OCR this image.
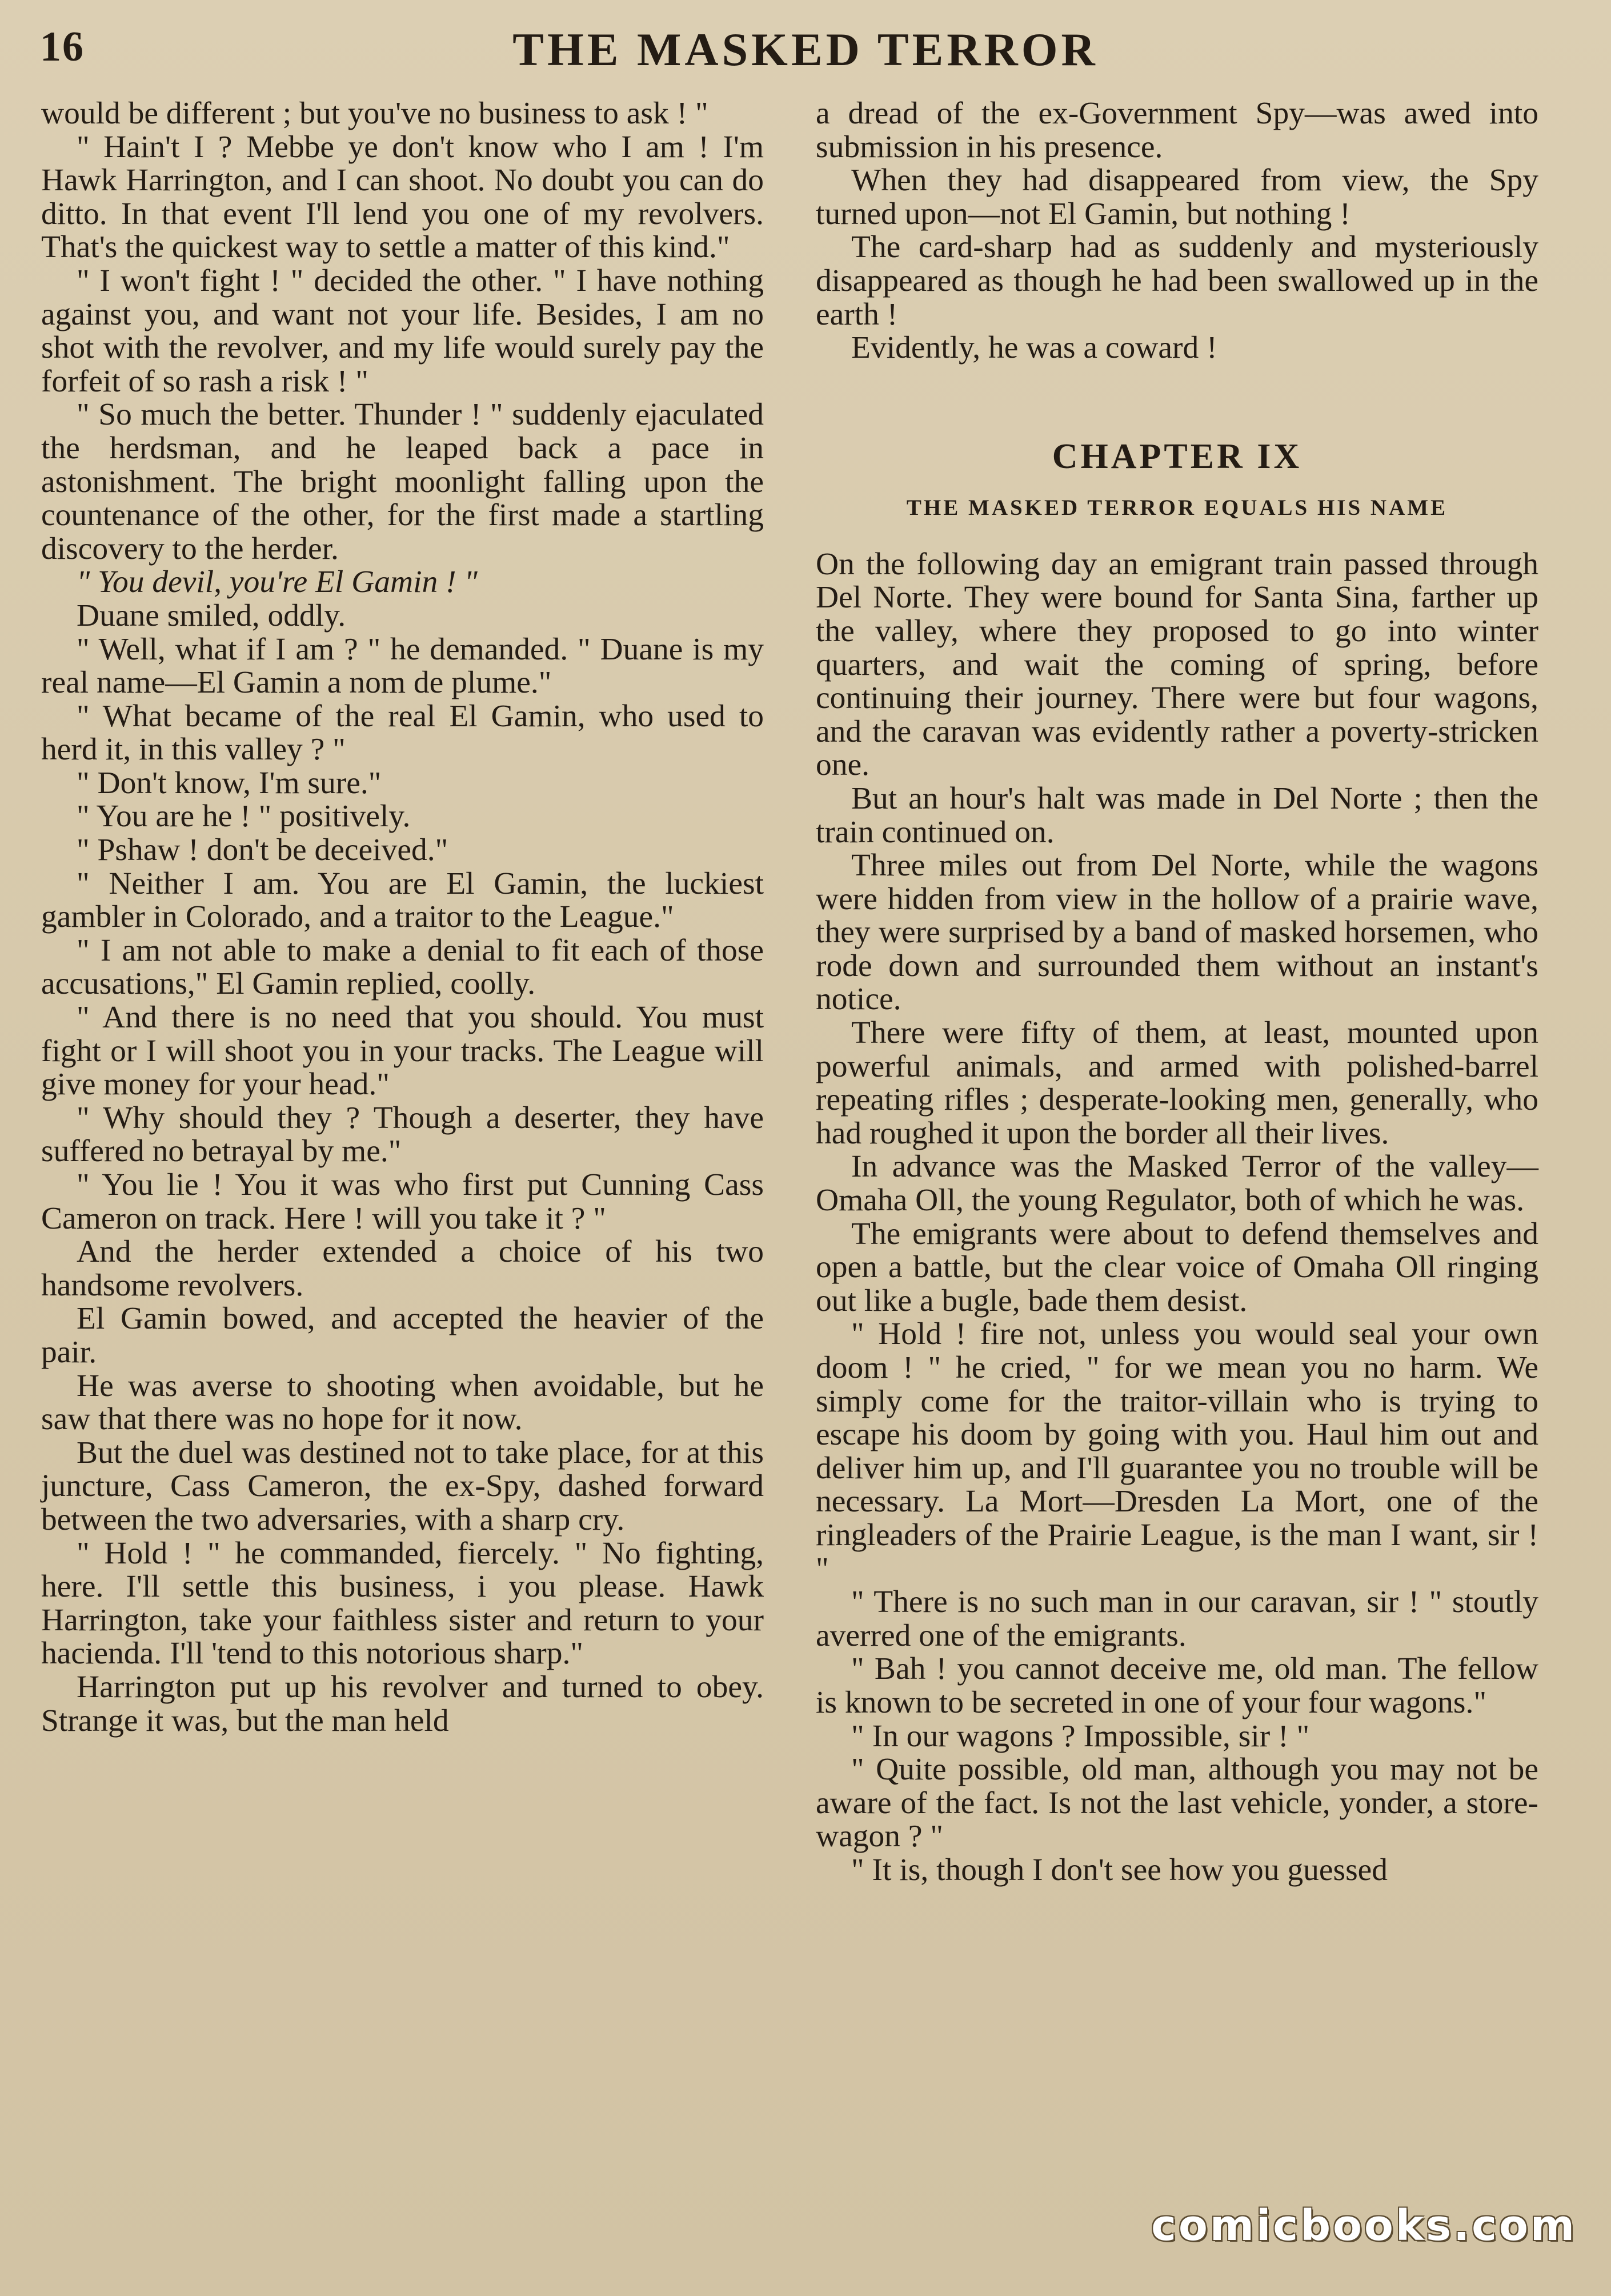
16	THE MASKED TERROR

would be different ; but you've no business to ask ! "

" Hain't I ? Mebbe ye don't know who I am ! I'm Hawk Harrington, and I can shoot. No doubt you can do ditto. In that event I'll lend you one of my revolvers. That's the quickest way to settle a matter of this kind."

" I won't fight ! " decided the other. " I have nothing against you, and want not your life. Besides, I am no shot with the revolver, and my life would surely pay the forfeit of so rash a risk ! "

" So much the better. Thunder ! " suddenly ejaculated the herdsman, and he leaped back a pace in astonishment. The bright moonlight falling upon the countenance of the other, for the first made a startling discovery to the herder.

" You devil, you're El Gamin ! "

Duane smiled, oddly.

" Well, what if I am ? " he demanded. " Duane is my real name—El Gamin a nom de plume."

" What became of the real El Gamin, who used to herd it, in this valley ? "

" Don't know, I'm sure."

" You are he ! " positively.

" Pshaw ! don't be deceived."

" Neither I am. You are El Gamin, the luckiest gambler in Colorado, and a traitor to the League."

" I am not able to make a denial to fit each of those accusations," El Gamin replied, coolly.

" And there is no need that you should. You must fight or I will shoot you in your tracks. The League will give money for your head."

" Why should they ? Though a deserter, they have suffered no betrayal by me."

" You lie ! You it was who first put Cunning Cass Cameron on track. Here ! will you take it ? "

And the herder extended a choice of his two handsome revolvers.

El Gamin bowed, and accepted the heavier of the pair.

He was averse to shooting when avoidable, but he saw that there was no hope for it now.

But the duel was destined not to take place, for at this juncture, Cass Cameron, the ex-Spy, dashed forward between the two adversaries, with a sharp cry.

" Hold ! " he commanded, fiercely. " No fighting, here. I'll settle this business, i you please. Hawk Harrington, take your faithless sister and return to your hacienda. I'll 'tend to this notorious sharp."

Harrington put up his revolver and turned to obey. Strange it was, but the man held

a dread of the ex-Government Spy—was awed into submission in his presence.

When they had disappeared from view, the Spy turned upon—not El Gamin, but nothing !

The card-sharp had as suddenly and mysteriously disappeared as though he had been swallowed up in the earth !

Evidently, he was a coward !

CHAPTER IX
THE MASKED TERROR EQUALS HIS NAME

On the following day an emigrant train passed through Del Norte. They were bound for Santa Sina, farther up the valley, where they proposed to go into winter quarters, and wait the coming of spring, before continuing their journey. There were but four wagons, and the caravan was evidently rather a poverty-stricken one.

But an hour's halt was made in Del Norte ; then the train continued on.

Three miles out from Del Norte, while the wagons were hidden from view in the hollow of a prairie wave, they were surprised by a band of masked horsemen, who rode down and surrounded them without an instant's notice.

There were fifty of them, at least, mounted upon powerful animals, and armed with polished-barrel repeating rifles ; desperate-looking men, generally, who had roughed it upon the border all their lives.

In advance was the Masked Terror of the valley—Omaha Oll, the young Regulator, both of which he was.

The emigrants were about to defend themselves and open a battle, but the clear voice of Omaha Oll ringing out like a bugle, bade them desist.

" Hold ! fire not, unless you would seal your own doom ! " he cried, " for we mean you no harm. We simply come for the traitor-villain who is trying to escape his doom by going with you. Haul him out and deliver him up, and I'll guarantee you no trouble will be necessary. La Mort—Dresden La Mort, one of the ringleaders of the Prairie League, is the man I want, sir ! "

" There is no such man in our caravan, sir ! " stoutly averred one of the emigrants.

" Bah ! you cannot deceive me, old man. The fellow is known to be secreted in one of your four wagons."

" In our wagons ? Impossible, sir ! "

" Quite possible, old man, although you may not be aware of the fact. Is not the last vehicle, yonder, a store-wagon ? "

" It is, though I don't see how you guessed

comicbooks.com
